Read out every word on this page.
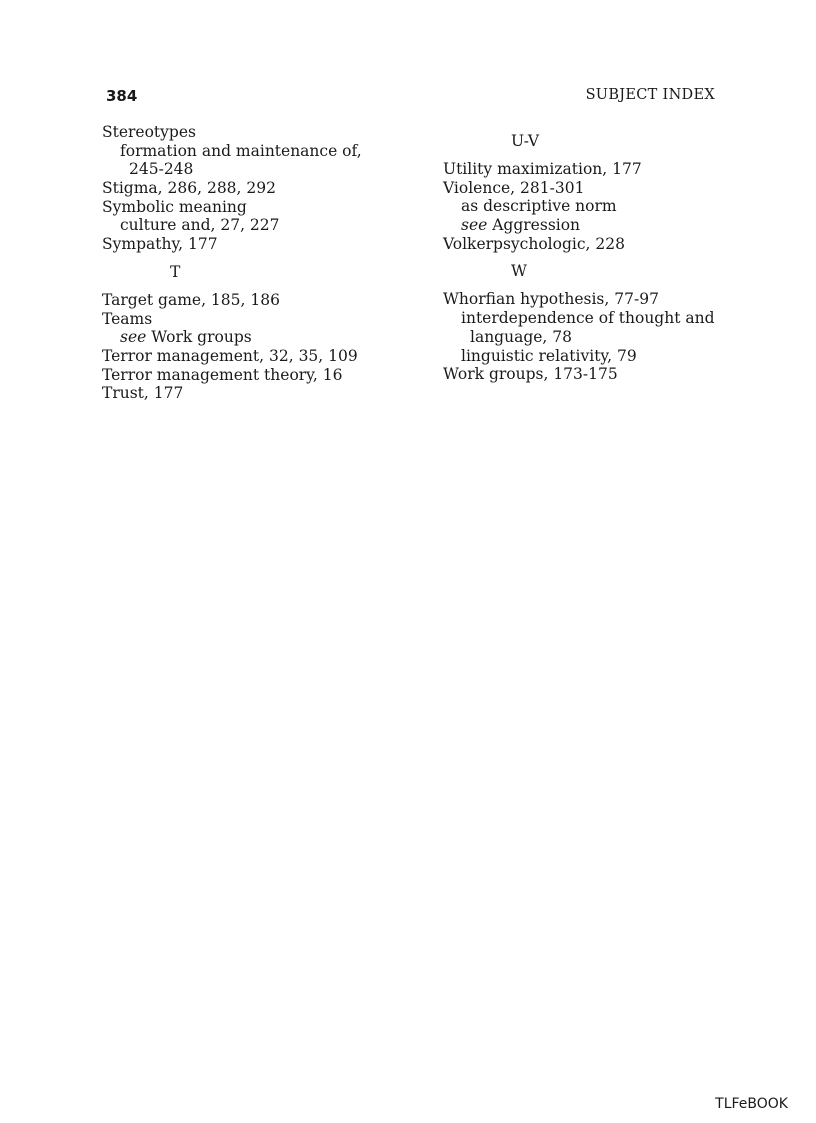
384	SUBJECT INDEX
Stereotypes
formation and maintenance of,
245-248
Stigma, 286, 288, 292
Symbolic meaning
culture and, 27, 227
Sympathy, 177
T
Target game, 185, 186
Teams
see Work groups
Terror management, 32, 35, 109
Terror management theory, 16
Trust, 177
U-V
Utility maximization, 177
Violence, 281-301
as descriptive norm
see Aggression
Volkerpsychologic, 228
W
Whorfian hypothesis, 77-97
interdependence of thought and
language, 78
linguistic relativity, 79
Work groups, 173-175
TLFeBOOK
